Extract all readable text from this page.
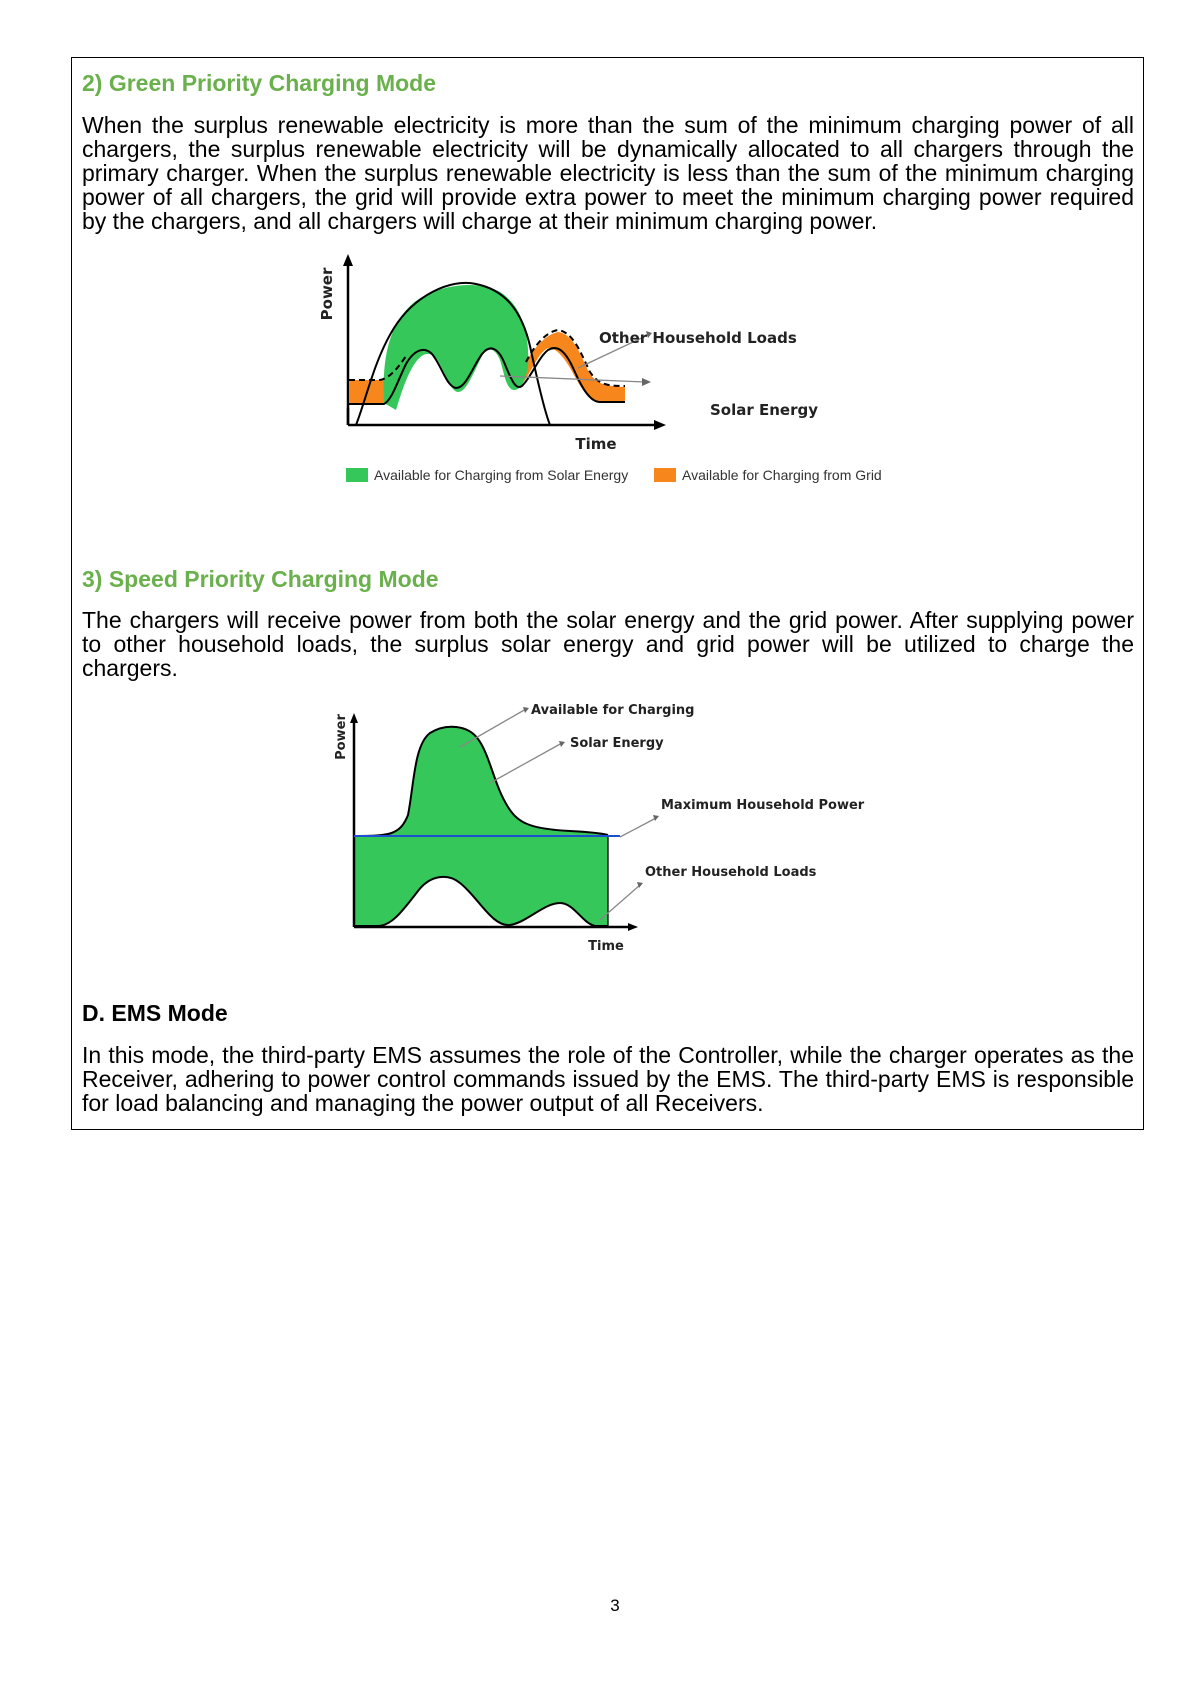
2) Green Priority Charging Mode

When the surplus renewable electricity is more than the sum of the minimum charging power of all chargers, the surplus renewable electricity will be dynamically allocated to all chargers through the primary charger. When the surplus renewable electricity is less than the sum of the minimum charging power of all chargers, the grid will provide extra power to meet the minimum charging power required by the chargers, and all chargers will charge at their minimum charging power.

Power
Time
Other Household Loads
Solar Energy
Available for Charging from Solar Energy	Available for Charging from Grid
3) Speed Priority Charging Mode

The chargers will receive power from both the solar energy and the grid power. After supplying power to other household loads, the surplus solar energy and grid power will be utilized to charge the chargers.

Power
Time
Available for Charging
Solar Energy
Maximum Household Power
Other Household Loads
D. EMS Mode

In this mode, the third-party EMS assumes the role of the Controller, while the charger operates as the Receiver, adhering to power control commands issued by the EMS. The third-party EMS is responsible for load balancing and managing the power output of all Receivers.

3
